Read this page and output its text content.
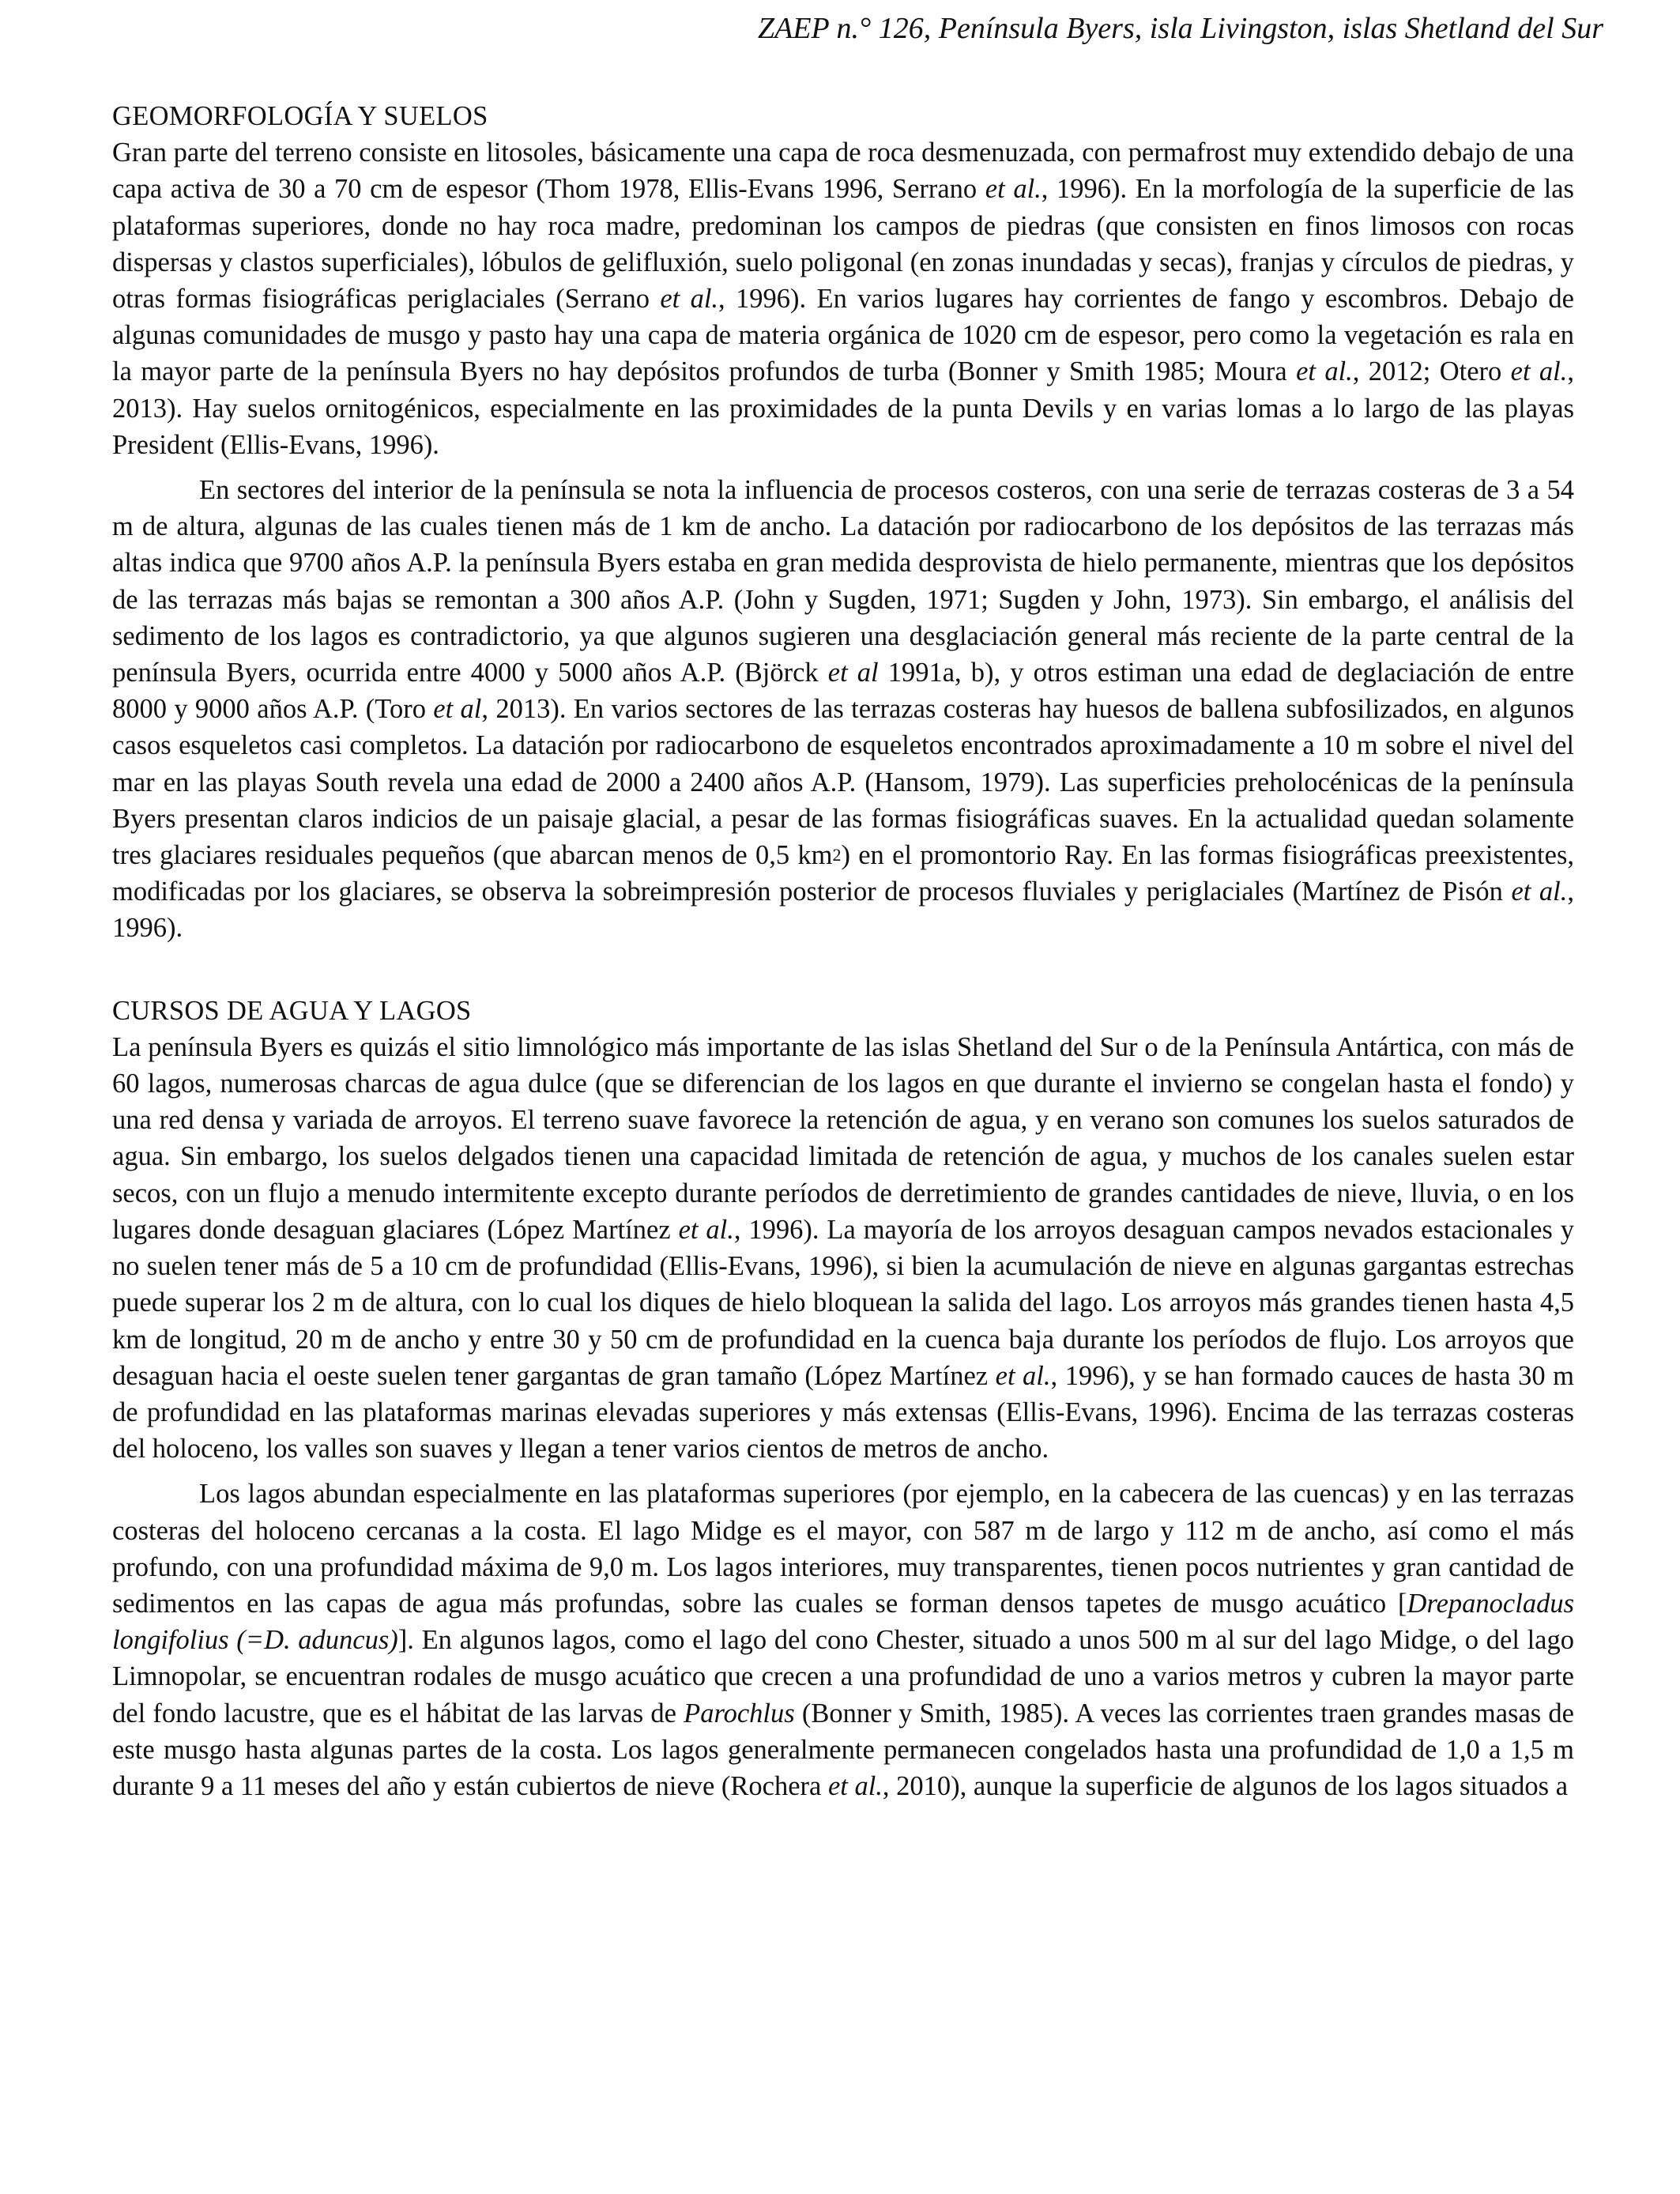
ZAEP n.° 126, Península Byers, isla Livingston, islas Shetland del Sur
GEOMORFOLOGÍA Y SUELOS

Gran parte del terreno consiste en litosoles, básicamente una capa de roca desmenuzada, con permafrost muy extendido debajo de una capa activa de 30 a 70 cm de espesor (Thom 1978, Ellis-Evans 1996, Serrano et al., 1996). En la morfología de la superficie de las plataformas superiores, donde no hay roca madre, predominan los campos de piedras (que consisten en finos limosos con rocas dispersas y clastos superficiales), lóbulos de gelifluxión, suelo poligonal (en zonas inundadas y secas), franjas y círculos de piedras, y otras formas fisiográficas periglaciales (Serrano et al., 1996). En varios lugares hay corrientes de fango y escombros. Debajo de algunas comunidades de musgo y pasto hay una capa de materia orgánica de 1020 cm de espesor, pero como la vegetación es rala en la mayor parte de la península Byers no hay depósitos profundos de turba (Bonner y Smith 1985; Moura et al., 2012; Otero et al., 2013). Hay suelos ornitogénicos, especialmente en las proximidades de la punta Devils y en varias lomas a lo largo de las playas President (Ellis-Evans, 1996).

En sectores del interior de la península se nota la influencia de procesos costeros, con una serie de terrazas costeras de 3 a 54 m de altura, algunas de las cuales tienen más de 1 km de ancho. La datación por radiocarbono de los depósitos de las terrazas más altas indica que 9700 años A.P. la península Byers estaba en gran medida desprovista de hielo permanente, mientras que los depósitos de las terrazas más bajas se remontan a 300 años A.P. (John y Sugden, 1971; Sugden y John, 1973). Sin embargo, el análisis del sedimento de los lagos es contradictorio, ya que algunos sugieren una desglaciación general más reciente de la parte central de la península Byers, ocurrida entre 4000 y 5000 años A.P. (Björck et al 1991a, b), y otros estiman una edad de deglaciación de entre 8000 y 9000 años A.P. (Toro et al, 2013). En varios sectores de las terrazas costeras hay huesos de ballena subfosilizados, en algunos casos esqueletos casi completos. La datación por radiocarbono de esqueletos encontrados aproximadamente a 10 m sobre el nivel del mar en las playas South revela una edad de 2000 a 2400 años A.P. (Hansom, 1979). Las superficies preholocénicas de la península Byers presentan claros indicios de un paisaje glacial, a pesar de las formas fisiográficas suaves. En la actualidad quedan solamente tres glaciares residuales pequeños (que abarcan menos de 0,5 $km^2$) en el promontorio Ray. En las formas fisiográficas preexistentes, modificadas por los glaciares, se observa la sobreimpresión posterior de procesos fluviales y periglaciales (Martínez de Pisón et al., 1996).

CURSOS DE AGUA Y LAGOS

La península Byers es quizás el sitio limnológico más importante de las islas Shetland del Sur o de la Península Antártica, con más de 60 lagos, numerosas charcas de agua dulce (que se diferencian de los lagos en que durante el invierno se congelan hasta el fondo) y una red densa y variada de arroyos. El terreno suave favorece la retención de agua, y en verano son comunes los suelos saturados de agua. Sin embargo, los suelos delgados tienen una capacidad limitada de retención de agua, y muchos de los canales suelen estar secos, con un flujo a menudo intermitente excepto durante períodos de derretimiento de grandes cantidades de nieve, lluvia, o en los lugares donde desaguan glaciares (López Martínez et al., 1996). La mayoría de los arroyos desaguan campos nevados estacionales y no suelen tener más de 5 a 10 cm de profundidad (Ellis-Evans, 1996), si bien la acumulación de nieve en algunas gargantas estrechas puede superar los 2 m de altura, con lo cual los diques de hielo bloquean la salida del lago. Los arroyos más grandes tienen hasta 4,5 km de longitud, 20 m de ancho y entre 30 y 50 cm de profundidad en la cuenca baja durante los períodos de flujo. Los arroyos que desaguan hacia el oeste suelen tener gargantas de gran tamaño (López Martínez et al., 1996), y se han formado cauces de hasta 30 m de profundidad en las plataformas marinas elevadas superiores y más extensas (Ellis-Evans, 1996). Encima de las terrazas costeras del holoceno, los valles son suaves y llegan a tener varios cientos de metros de ancho.

Los lagos abundan especialmente en las plataformas superiores (por ejemplo, en la cabecera de las cuencas) y en las terrazas costeras del holoceno cercanas a la costa. El lago Midge es el mayor, con 587 m de largo y 112 m de ancho, así como el más profundo, con una profundidad máxima de 9,0 m. Los lagos interiores, muy transparentes, tienen pocos nutrientes y gran cantidad de sedimentos en las capas de agua más profundas, sobre las cuales se forman densos tapetes de musgo acuático [Drepanocladus longifolius (=D. aduncus)]. En algunos lagos, como el lago del cono Chester, situado a unos 500 m al sur del lago Midge, o del lago Limnopolar, se encuentran rodales de musgo acuático que crecen a una profundidad de uno a varios metros y cubren la mayor parte del fondo lacustre, que es el hábitat de las larvas de Parochlus (Bonner y Smith, 1985). A veces las corrientes traen grandes masas de este musgo hasta algunas partes de la costa. Los lagos generalmente permanecen congelados hasta una profundidad de 1,0 a 1,5 m durante 9 a 11 meses del año y están cubiertos de nieve (Rochera et al., 2010), aunque la superficie de algunos de los lagos situados a
